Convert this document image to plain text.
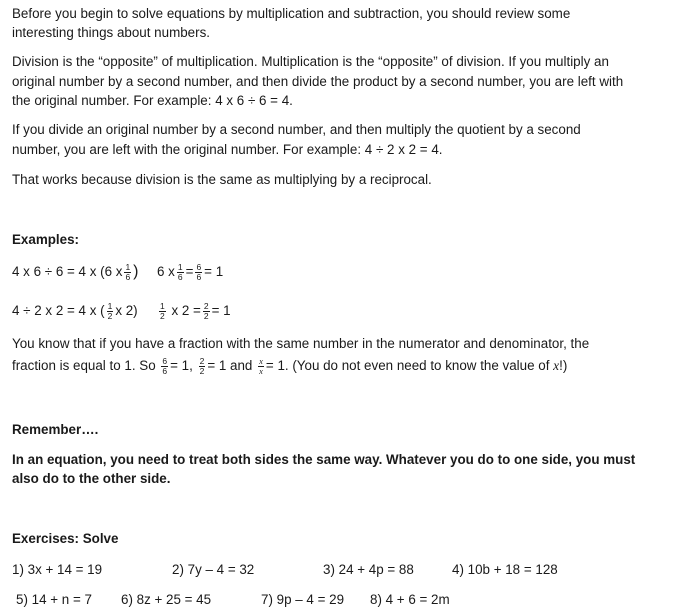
Before you begin to solve equations by multiplication and subtraction, you should review some
interesting things about numbers.
Division is the “opposite” of multiplication. Multiplication is the “opposite” of division. If you multiply an
original number by a second number, and then divide the product by a second number, you are left with
the original number. For example: 4 x 6 ÷ 6 = 4.
If you divide an original number by a second number, and then multiply the quotient by a second
number, you are left with the original number. For example: 4 ÷ 2 x 2 = 4.
That works because division is the same as multiplying by a reciprocal.
Examples:
4 x 6 ÷ 6 = 4 x (6 x $\frac{1}{6}$ ) 6 x $\frac{1}{6} = \frac{6}{6} = 1$
4 ÷ 2 x 2 = 4 x ( $\frac{1}{2}$ x 2)	$\frac{1}{2}$ x $2 = \frac{2}{2} = 1$
You know that if you have a fraction with the same number in the numerator and denominator, the
fraction is equal to 1. So $\frac{6}{6} = 1$, $\frac{2}{2} = 1$ and $\frac{x}{x} = 1$. (You do not even need to know the value of x!)
Remember….
In an equation, you need to treat both sides the same way. Whatever you do to one side, you must
also do to the other side.
Exercises: Solve
1) 3x + 14 = 19	2) 7y – 4 = 32	3) 24 + 4p = 88	4) 10b + 18 = 128
5) 14 + n = 7 6) 8z + 25 = 45	7) 9p – 4 = 29 8) 4 + 6 = 2m
